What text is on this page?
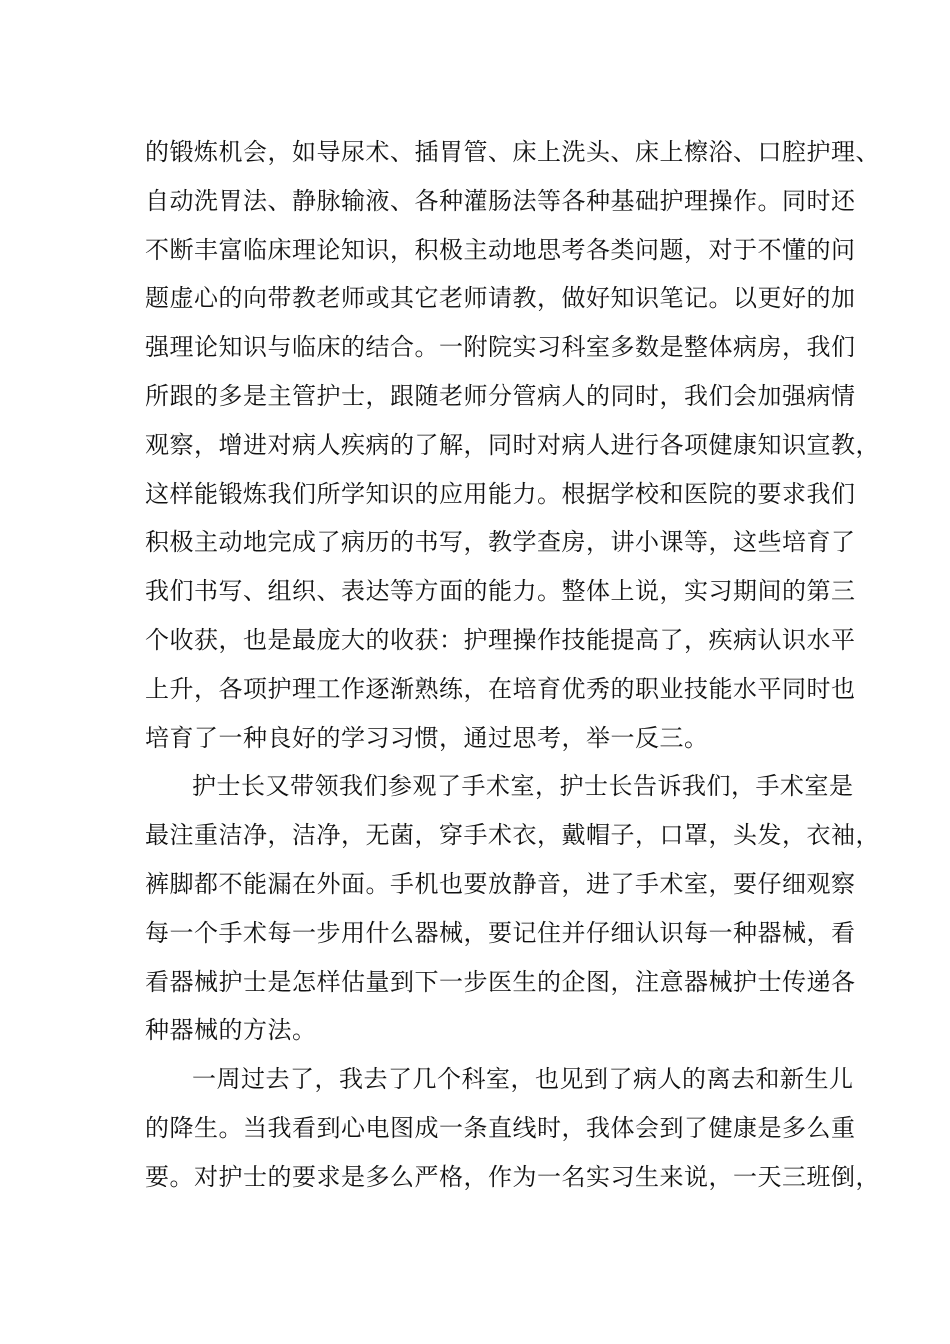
的锻炼机会，如导尿术、插胃管、床上洗头、床上檫浴、口腔护理、
自动洗胃法、静脉输液、各种灌肠法等各种基础护理操作。同时还
不断丰富临床理论知识，积极主动地思考各类问题，对于不懂的问
题虚心的向带教老师或其它老师请教，做好知识笔记。以更好的加
强理论知识与临床的结合。一附院实习科室多数是整体病房，我们
所跟的多是主管护士，跟随老师分管病人的同时，我们会加强病情
观察，增进对病人疾病的了解，同时对病人进行各项健康知识宣教，
这样能锻炼我们所学知识的应用能力。根据学校和医院的要求我们
积极主动地完成了病历的书写，教学查房，讲小课等，这些培育了
我们书写、组织、表达等方面的能力。整体上说，实习期间的第三
个收获，也是最庞大的收获：护理操作技能提高了，疾病认识水平
上升，各项护理工作逐渐熟练，在培育优秀的职业技能水平同时也
培育了一种良好的学习习惯，通过思考，举一反三。
护士长又带领我们参观了手术室，护士长告诉我们，手术室是
最注重洁净，洁净，无菌，穿手术衣，戴帽子，口罩，头发，衣袖，
裤脚都不能漏在外面。手机也要放静音，进了手术室，要仔细观察
每一个手术每一步用什么器械，要记住并仔细认识每一种器械，看
看器械护士是怎样估量到下一步医生的企图，注意器械护士传递各
种器械的方法。
一周过去了，我去了几个科室，也见到了病人的离去和新生儿
的降生。当我看到心电图成一条直线时，我体会到了健康是多么重
要。对护士的要求是多么严格，作为一名实习生来说，一天三班倒，
